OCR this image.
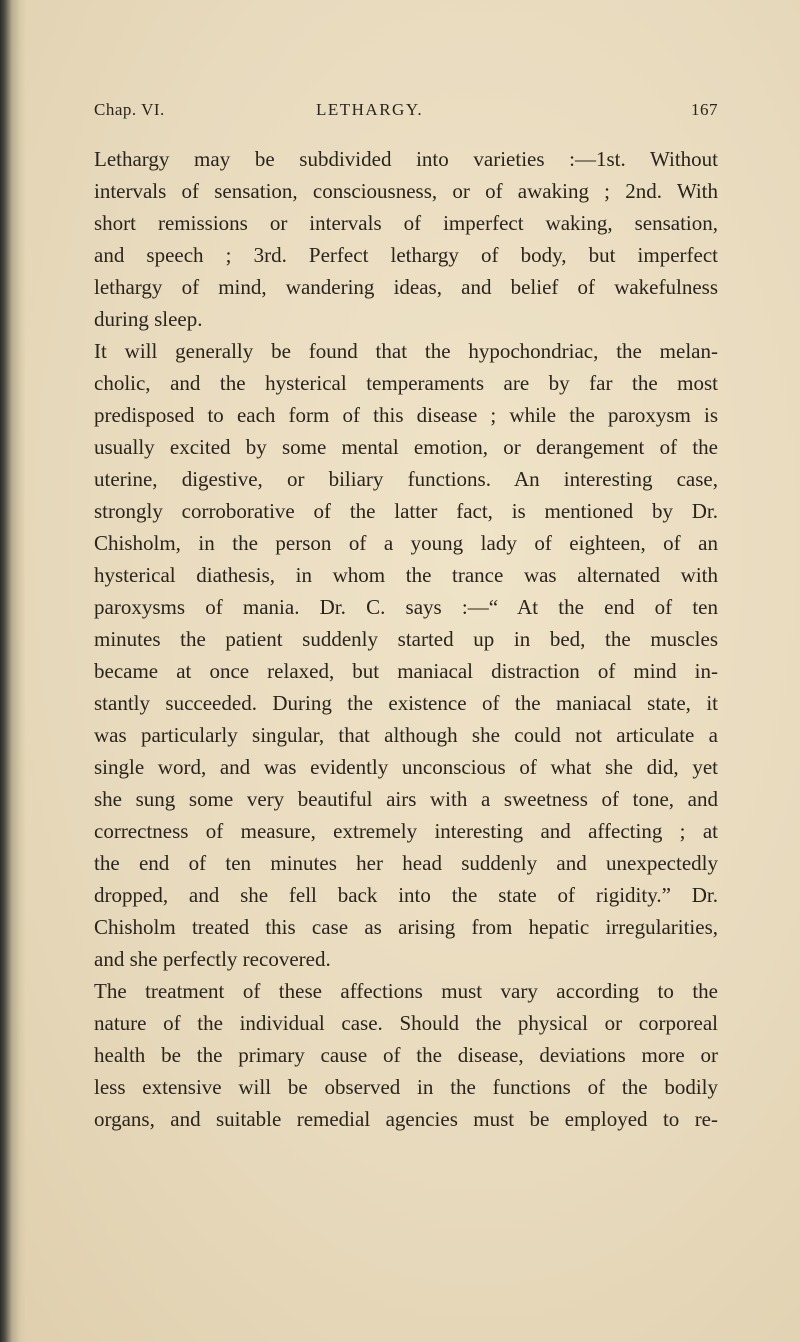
Chap. VI.	LETHARGY.	167
Lethargy may be subdivided into varieties :—1st. Without
intervals of sensation, consciousness, or of awaking ; 2nd. With
short remissions or intervals of imperfect waking, sensation,
and speech ; 3rd. Perfect lethargy of body, but imperfect
lethargy of mind, wandering ideas, and belief of wakefulness
during sleep.
It will generally be found that the hypochondriac, the melan-
cholic, and the hysterical temperaments are by far the most
predisposed to each form of this disease ; while the paroxysm is
usually excited by some mental emotion, or derangement of the
uterine, digestive, or biliary functions. An interesting case,
strongly corroborative of the latter fact, is mentioned by Dr.
Chisholm, in the person of a young lady of eighteen, of an
hysterical diathesis, in whom the trance was alternated with
paroxysms of mania. Dr. C. says :—“ At the end of ten
minutes the patient suddenly started up in bed, the muscles
became at once relaxed, but maniacal distraction of mind in-
stantly succeeded. During the existence of the maniacal state, it
was particularly singular, that although she could not articulate a
single word, and was evidently unconscious of what she did, yet
she sung some very beautiful airs with a sweetness of tone, and
correctness of measure, extremely interesting and affecting ; at
the end of ten minutes her head suddenly and unexpectedly
dropped, and she fell back into the state of rigidity.” Dr.
Chisholm treated this case as arising from hepatic irregularities,
and she perfectly recovered.
The treatment of these affections must vary according to the
nature of the individual case. Should the physical or corporeal
health be the primary cause of the disease, deviations more or
less extensive will be observed in the functions of the bodily
organs, and suitable remedial agencies must be employed to re-
